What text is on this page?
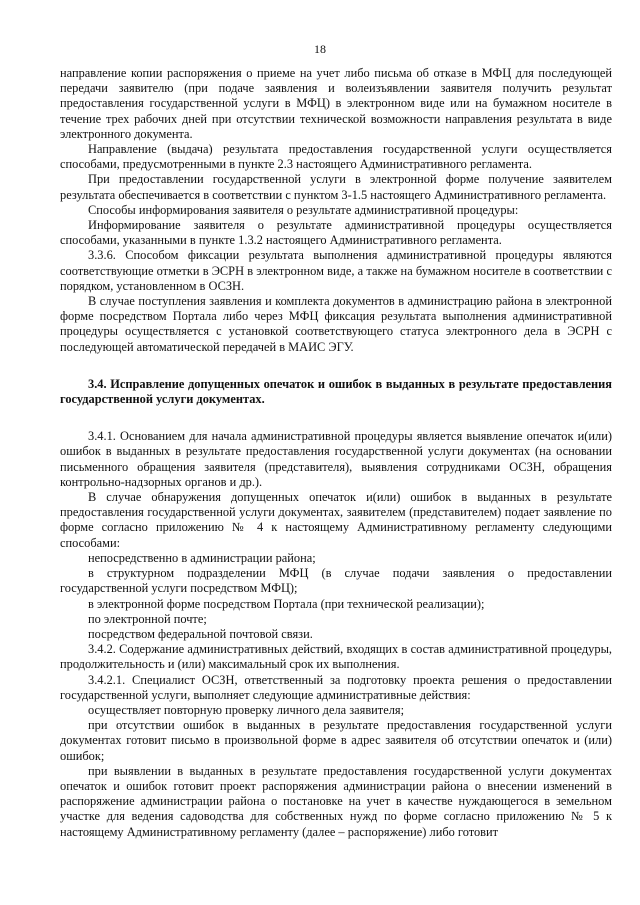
18

направление копии распоряжения о приеме на учет либо письма об отказе в МФЦ для последующей передачи заявителю (при подаче заявления и волеизъявлении заявителя получить результат предоставления государственной услуги в МФЦ) в электронном виде или на бумажном носителе в течение трех рабочих дней при отсутствии технической возможности направления результата в виде электронного документа.

Направление (выдача) результата предоставления государственной услуги осуществляется способами, предусмотренными в пункте 2.3 настоящего Административного регламента.

При предоставлении государственной услуги в электронной форме получение заявителем результата обеспечивается в соответствии с пунктом 3-1.5 настоящего Административного регламента.

Способы информирования заявителя о результате административной процедуры:

Информирование заявителя о результате административной процедуры осуществляется способами, указанными в пункте 1.3.2 настоящего Административного регламента.

3.3.6. Способом фиксации результата выполнения административной процедуры являются соответствующие отметки в ЭСРН в электронном виде, а также на бумажном носителе в соответствии с порядком, установленном в ОСЗН.

В случае поступления заявления и комплекта документов в администрацию района в электронной форме посредством Портала либо через МФЦ фиксация результата выполнения административной процедуры осуществляется с установкой соответствующего статуса электронного дела в ЭСРН с последующей автоматической передачей в МАИС ЭГУ.

3.4. Исправление допущенных опечаток и ошибок в выданных в результате предоставления государственной услуги документах.

3.4.1. Основанием для начала административной процедуры является выявление опечаток и(или) ошибок в выданных в результате предоставления государственной услуги документах (на основании письменного обращения заявителя (представителя), выявления сотрудниками ОСЗН, обращения контрольно-надзорных органов и др.).

В случае обнаружения допущенных опечаток и(или) ошибок в выданных в результате предоставления государственной услуги документах, заявителем (представителем) подает заявление по форме согласно приложению № 4 к настоящему Административному регламенту следующими способами:

непосредственно в администрации района;

в структурном подразделении МФЦ (в случае подачи заявления о предоставлении государственной услуги посредством МФЦ);

в электронной форме посредством Портала (при технической реализации);

по электронной почте;

посредством федеральной почтовой связи.

3.4.2. Содержание административных действий, входящих в состав административной процедуры, продолжительность и (или) максимальный срок их выполнения.

3.4.2.1. Специалист ОСЗН, ответственный за подготовку проекта решения о предоставлении государственной услуги, выполняет следующие административные действия:

осуществляет повторную проверку личного дела заявителя;

при отсутствии ошибок в выданных в результате предоставления государственной услуги документах готовит письмо в произвольной форме в адрес заявителя об отсутствии опечаток и (или) ошибок;

при выявлении в выданных в результате предоставления государственной услуги документах опечаток и ошибок готовит проект распоряжения администрации района о внесении изменений в распоряжение администрации района о постановке на учет в качестве нуждающегося в земельном участке для ведения садоводства для собственных нужд по форме согласно приложению № 5 к настоящему Административному регламенту (далее – распоряжение) либо готовит
